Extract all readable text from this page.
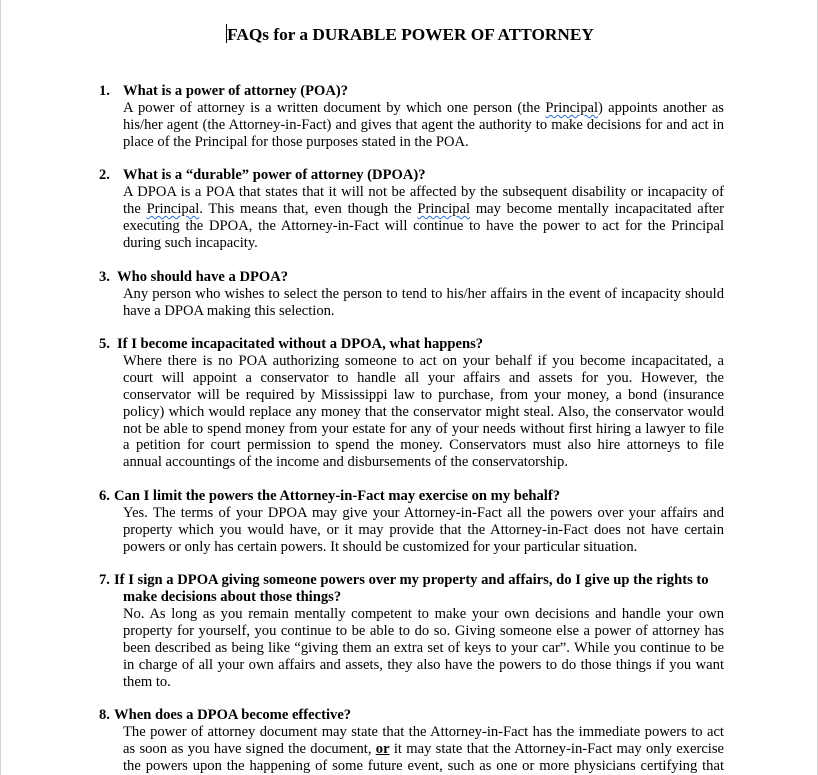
FAQs for a DURABLE POWER OF ATTORNEY
1. What is a power of attorney (POA)?
A power of attorney is a written document by which one person (the Principal) appoints another as
his/her agent (the Attorney-in-Fact) and gives that agent the authority to make decisions for and act in
place of the Principal for those purposes stated in the POA.
2. What is a “durable” power of attorney (DPOA)?
A DPOA is a POA that states that it will not be affected by the subsequent disability or incapacity of
the Principal. This means that, even though the Principal may become mentally incapacitated after
executing the DPOA, the Attorney-in-Fact will continue to have the power to act for the Principal
during such incapacity.
3. Who should have a DPOA?
Any person who wishes to select the person to tend to his/her affairs in the event of incapacity should
have a DPOA making this selection.
5. If I become incapacitated without a DPOA, what happens?
Where there is no POA authorizing someone to act on your behalf if you become incapacitated, a
court will appoint a conservator to handle all your affairs and assets for you. However, the
conservator will be required by Mississippi law to purchase, from your money, a bond (insurance
policy) which would replace any money that the conservator might steal. Also, the conservator would
not be able to spend money from your estate for any of your needs without first hiring a lawyer to file
a petition for court permission to spend the money. Conservators must also hire attorneys to file
annual accountings of the income and disbursements of the conservatorship.
6. Can I limit the powers the Attorney-in-Fact may exercise on my behalf?
Yes. The terms of your DPOA may give your Attorney-in-Fact all the powers over your affairs and
property which you would have, or it may provide that the Attorney-in-Fact does not have certain
powers or only has certain powers. It should be customized for your particular situation.
7. If I sign a DPOA giving someone powers over my property and affairs, do I give up the rights to
make decisions about those things?
No. As long as you remain mentally competent to make your own decisions and handle your own
property for yourself, you continue to be able to do so. Giving someone else a power of attorney has
been described as being like “giving them an extra set of keys to your car”. While you continue to be
in charge of all your own affairs and assets, they also have the powers to do those things if you want
them to.
8. When does a DPOA become effective?
The power of attorney document may state that the Attorney-in-Fact has the immediate powers to act
as soon as you have signed the document, or it may state that the Attorney-in-Fact may only exercise
the powers upon the happening of some future event, such as one or more physicians certifying that
